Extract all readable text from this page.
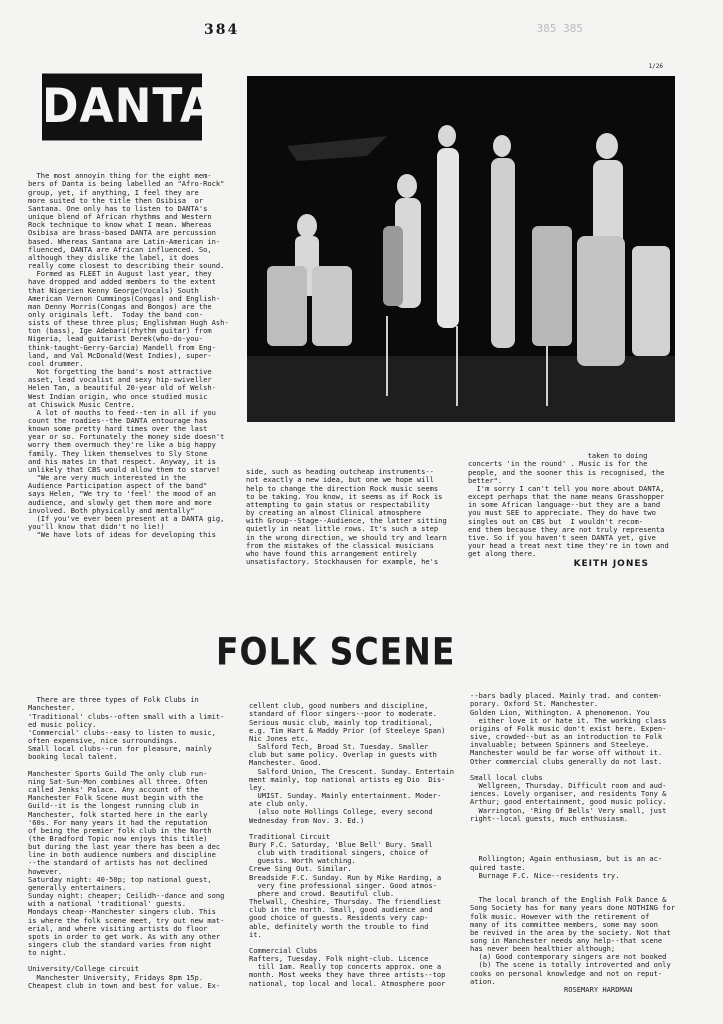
384	385 385
1/26
DANTA

The most annoyin thing for the eight mem-
bers of Danta is being labelled an "Afro-Rock"
group, yet, if anything, I feel they are
more suited to the title then Osibisa  or
Santana. One only has to listen to DANTA's
unique blend of African rhythms and Western
Rock technique to know what I mean. Whereas
Osibisa are brass-based DANTA are percussion
based. Whereas Santana are Latin-American in-
fluenced, DANTA are African influenced. So,
although they dislike the label, it does
really come closest to describing their sound.
Formed as FLEET in August last year, they
have dropped and added members to the extent
that Nigerien Kenny George(Vocals) South
American Vernon Cummings(Congas) and English-
man Denny Morris(Congas and Bongos) are the
only originals left.  Today the band con-
sists of these three plus; Englishman Hugh Ash-
ton (bass), Ige Adebari(rhythm guitar) from
Nigeria, lead guitarist Derek(who-do-you-
think-taught-Gerry-Garcia) Mandell from Eng-
land, and Val McDonald(West Indies), super-
cool drummer.
Not forgetting the band's most attractive
asset, lead vocalist and sexy hip-swiveller
Helen Tan, a beautiful 20-year old of Welsh-
West Indian origin, who once studied music
at Chiswick Music Centre.
A lot of mouths to feed--ten in all if you
count the roadies--the DANTA entourage has
known some pretty hard times over the last
year or so. Fortunately the money side doesn't
worry them overmuch they're like a big happy
family. They liken themselves to Sly Stone
and his mates in that respect. Anyway, it is
unlikely that CBS would allow them to starve!
"We are very much interested in the
Audience Participation aspect of the band"
says Helen, "We try to 'feel' the mood of an
audience, and slowly get them more and more
involved. Both physically and mentally"
(If you've ever been present at a DANTA gig,
you'll know that didn't no lie!)
"We have lots of ideas for developing this

side, such as heading outcheap instruments--
not exactly a new idea, but one we hope will
help to change the direction Rock music seems
to be taking. You know, it seems as if Rock is
attempting to gain status or respectability
by creating an almost Clinical atmosphere
with Group--Stage--Audience, the latter sitting
quietly in neat little rows. It's such a step
in the wrong direction, we should try and learn
from the mistakes of the classical musicians
who have found this arrangement entirely
unsatisfactory. Stockhausen for example, he's

taken to doing
concerts 'in the round' . Music is for the
people, and the sooner this is recognised, the
better".
I'm sorry I can't tell you more about DANTA,
except perhaps that the name means Grasshopper
in some African language--but they are a band
you must SEE to appreciate. They do have two
singles out on CBS but  I wouldn't recom-
end them because they are not truly representa
tive. So if you haven't seen DANTA yet, give
your head a treat next time they're in town and
get along there.

KEITH JONES
FOLK SCENE

There are three types of Folk Clubs in
Manchester.
'Traditional' clubs--often small with a limit-
ed music policy.
'Commercial' clubs--easy to listen to music,
often expensive, nice surroundings.
Small local clubs--run for pleasure, mainly
booking local talent.

Manchester Sports Guild The only club run-
ning Sat-Sun-Mon combines all three. Often
called Jenks' Palace. Any account of the
Manchester Folk Scene must begin with the
Guild--it is the longest running club in
Manchester, folk started here in the early
'60s. For many years it had the reputation
of being the premier folk club in the North
(the Bradford Topic now enjoys this title)
but during the last year there has been a dec
line in both audience numbers and discipline
--the standard of artists has not declined
however.
Saturday night: 40-50p; top national guest,
generally entertainers.
Sunday night: cheaper; Ceilidh--dance and song
with a national 'traditional' guests.
Mondays cheap--Manchester singers club. This
is where the folk scene meet, try out new mat-
erial, and where visiting artists do floor
spots in order to get work. As with any other
singers club the standard varies from night
to night.

University/College circuit
Manchester University, Fridays 8pm 15p.
Cheapest club in town and best for value. Ex-

cellent club, good numbers and discipline,
standard of floor singers--poor to moderate.
Serious music club, mainly top traditional,
e.g. Tim Hart & Maddy Prior (of Steeleye Span)
Nic Jones etc.
Salford Tech, Broad St. Tuesday. Smaller
club but same policy. Overlap in guests with
Manchester. Good.
Salford Union, The Crescent. Sunday. Entertain
ment mainly, top national artists eg Dio  Dis-
ley.
UMIST. Sunday. Mainly entertainment. Moder-
ate club only.
(also note Hollings College, every second
Wednesday from Nov. 3. Ed.)

Traditional Circuit
Bury F.C. Saturday, 'Blue Bell' Bury. Small
club with traditional singers, choice of
guests. Worth watching.
Crewe Sing Out. Similar.
Breadside F.C. Sunday. Run by Mike Harding, a
very fine professional singer. Good atmos-
phere and crowd. Beautiful club.
Thelwall, Cheshire, Thursday. The friendliest
club in the north. Small, good audience and
good choice of guests. Residents very cap-
able, definitely worth the trouble to find
it.

Commercial Clubs
Rafters, Tuesday. Folk night-club. Licence
till 1am. Really top concerts approx. one a
month. Most weeks they have three artists--top
national, top local and local. Atmosphere poor

--bars badly placed. Mainly trad. and contem-
porary. Oxford St. Manchester.
Golden Lion, Withington. A phenomenon. You
either love it or hate it. The working class
origins of Folk music don't exist here. Expen-
sive, crowded--but as an introduction to Folk
invaluable; between Spinners and Steeleye.
Manchester would be far worse off without it.
Other commercial clubs generally do not last.

Small local clubs
Wellgreen, Thursday. Difficult room and aud-
iences. Lovely organiser, and residents Tony &
Arthur; good entertainment, good music policy.
Warrington, 'Ring Of Bells' Very small, just
right--local guests, much enthusiasm.

Rollington; Again enthusiasm, but is an ac-
quired taste.
Burnage F.C. Nice--residents try.

The local branch of the English Folk Dance &
Song Society has for many years done NOTHING for
folk music. However with the retirement of
many of its committee members, some may soon
be revived in the area by the society. Not that
song in Manchester needs any help--that scene
has never been healthier although;
(a) Good contemporary singers are not booked
(b) The scene is totally introverted and only
cooks on personal knowledge and not on reput-
ation.
ROSEMARY HARDMAN
